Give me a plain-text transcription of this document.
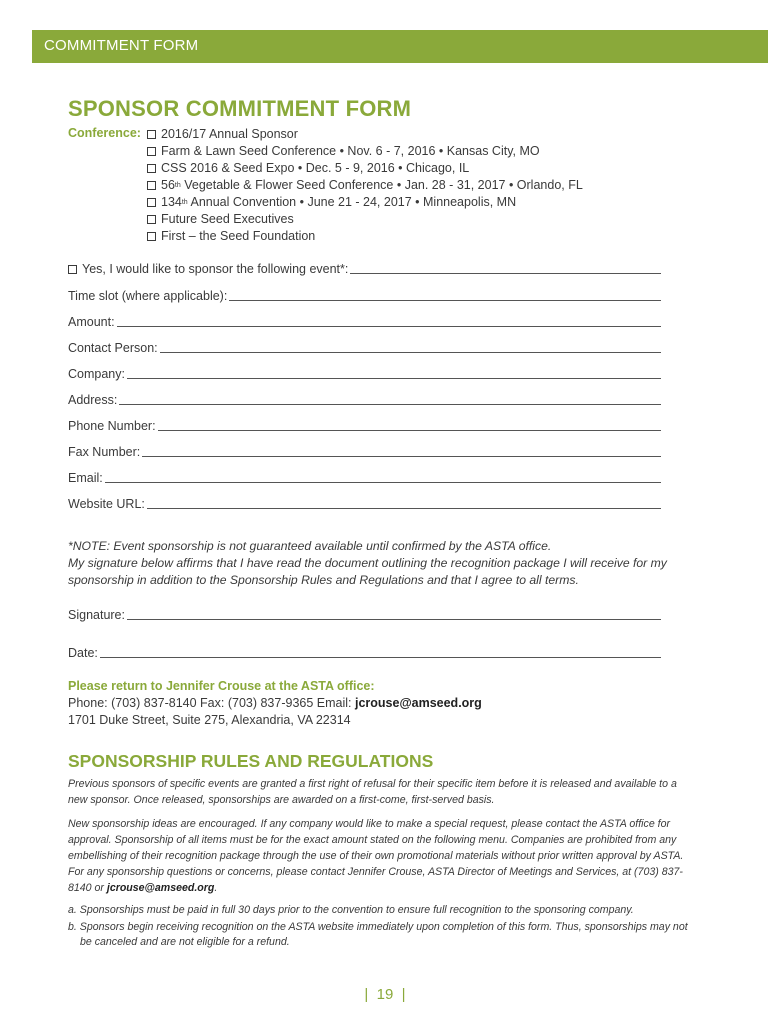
COMMITMENT FORM
SPONSOR COMMITMENT FORM
Conference: 2016/17 Annual Sponsor
Farm & Lawn Seed Conference • Nov. 6 - 7, 2016 • Kansas City, MO
CSS 2016 & Seed Expo • Dec. 5 - 9, 2016 • Chicago, IL
56 th Vegetable & Flower Seed Conference • Jan. 28 - 31, 2017 • Orlando, FL
134 th Annual Convention • June 21 - 24, 2017 • Minneapolis, MN
Future Seed Executives
First – the Seed Foundation
Yes, I would like to sponsor the following event*:
Time slot (where applicable):
Amount:
Contact Person:
Company:
Address:
Phone Number:
Fax Number:
Email:
Website URL:

*NOTE: Event sponsorship is not guaranteed available until confirmed by the ASTA office.

My signature below affirms that I have read the document outlining the recognition package I will receive for my sponsorship in addition to the Sponsorship Rules and Regulations and that I agree to all terms.

Signature:
Date:
Please return to Jennifer Crouse at the ASTA office:
Phone: (703) 837-8140 Fax: (703) 837-9365 Email: jcrouse@amseed.org
1701 Duke Street, Suite 275, Alexandria, VA 22314
SPONSORSHIP RULES AND REGULATIONS

Previous sponsors of specific events are granted a first right of refusal for their specific item before it is released and available to a new sponsor. Once released, sponsorships are awarded on a first-come, first-served basis.

New sponsorship ideas are encouraged. If any company would like to make a special request, please contact the ASTA office for approval. Sponsorship of all items must be for the exact amount stated on the following menu. Companies are prohibited from any embellishing of their recognition package through the use of their own promotional materials without prior written approval by ASTA. For any sponsorship questions or concerns, please contact Jennifer Crouse, ASTA Director of Meetings and Services, at (703) 837-8140 or jcrouse@amseed.org.

a. Sponsorships must be paid in full 30 days prior to the convention to ensure full recognition to the sponsoring company.
b. Sponsors begin receiving recognition on the ASTA website immediately upon completion of this form. Thus, sponsorships may not be canceled and are not eligible for a refund.
|  19  |
